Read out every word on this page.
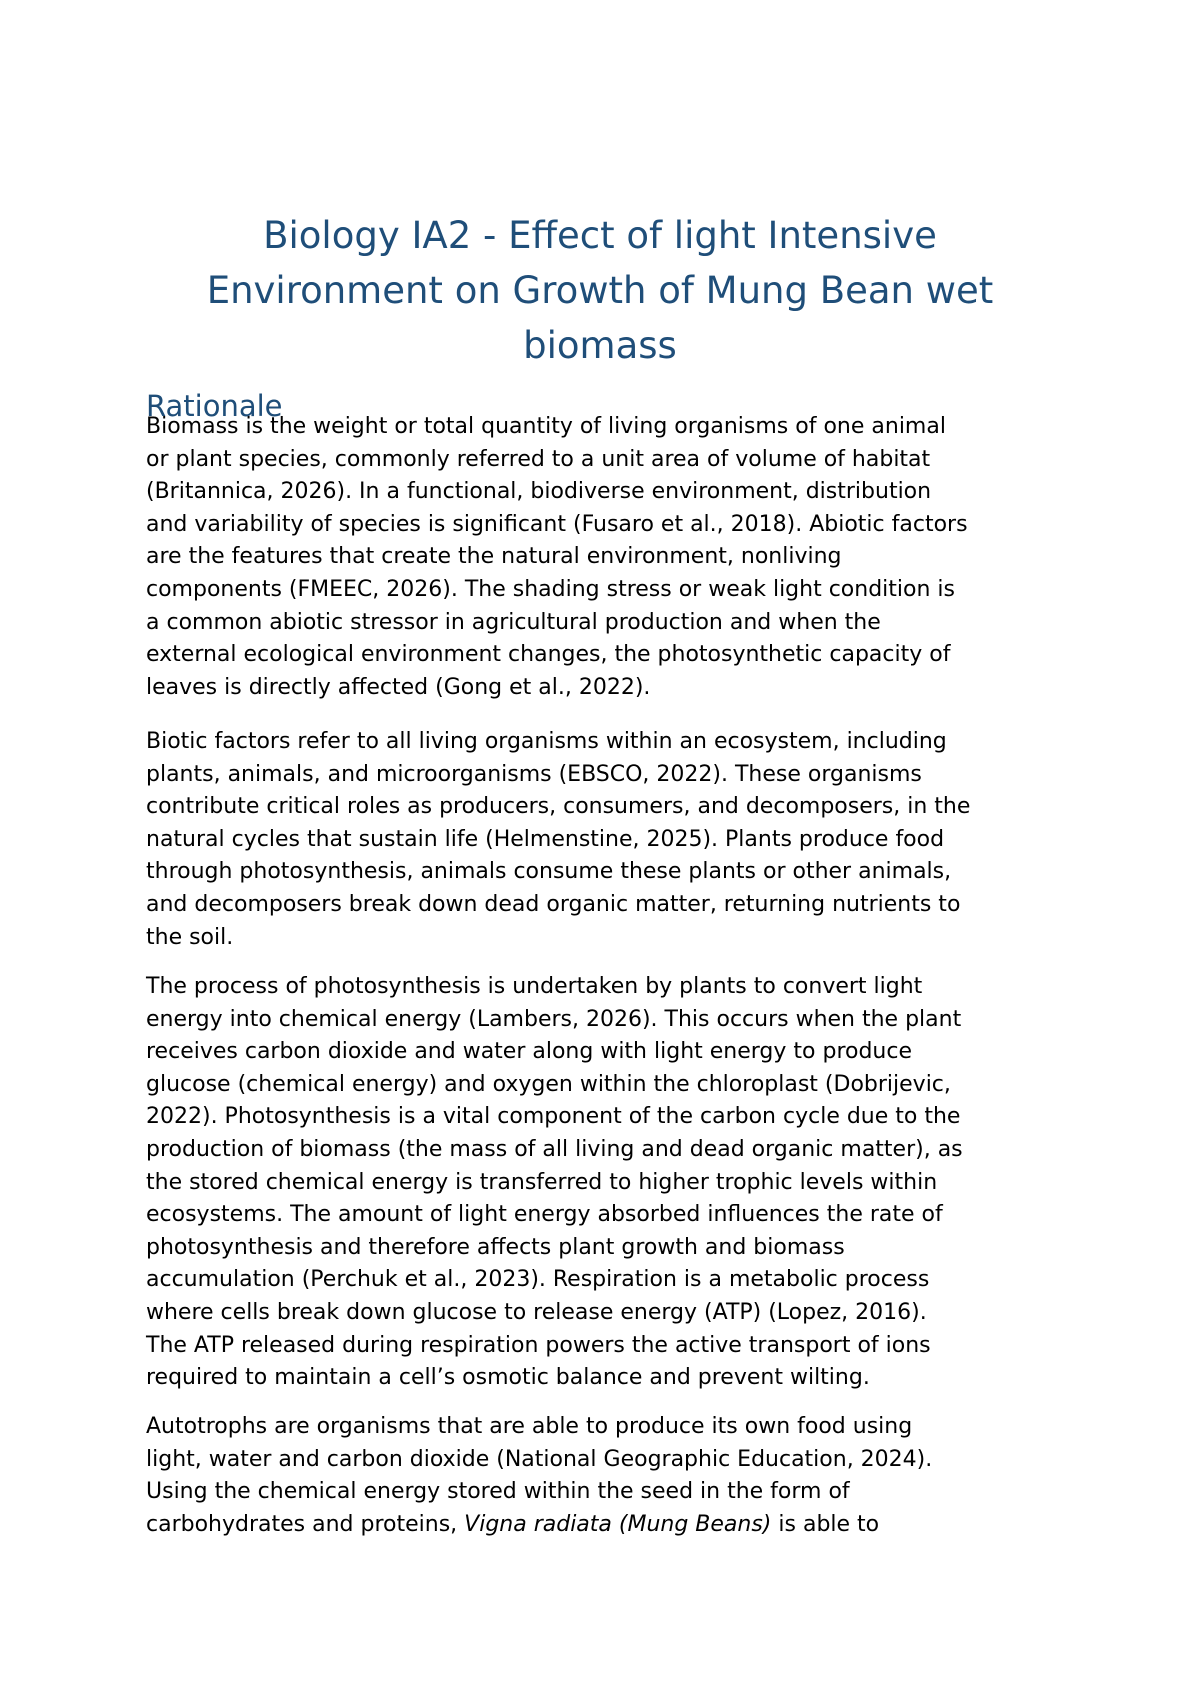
Biology IA2 - Effect of light Intensive
Environment on Growth of Mung Bean wet
biomass
Rationale

Biomass is the weight or total quantity of living organisms of one animal
or plant species, commonly referred to a unit area of volume of habitat
(Britannica, 2026). In a functional, biodiverse environment, distribution
and variability of species is significant (Fusaro et al., 2018). Abiotic factors
are the features that create the natural environment, nonliving
components (FMEEC, 2026). The shading stress or weak light condition is
a common abiotic stressor in agricultural production and when the
external ecological environment changes, the photosynthetic capacity of
leaves is directly affected (Gong et al., 2022).

Biotic factors refer to all living organisms within an ecosystem, including
plants, animals, and microorganisms (EBSCO, 2022). These organisms
contribute critical roles as producers, consumers, and decomposers, in the
natural cycles that sustain life (Helmenstine, 2025). Plants produce food
through photosynthesis, animals consume these plants or other animals,
and decomposers break down dead organic matter, returning nutrients to
the soil.

The process of photosynthesis is undertaken by plants to convert light
energy into chemical energy (Lambers, 2026). This occurs when the plant
receives carbon dioxide and water along with light energy to produce
glucose (chemical energy) and oxygen within the chloroplast (Dobrijevic,
2022). Photosynthesis is a vital component of the carbon cycle due to the
production of biomass (the mass of all living and dead organic matter), as
the stored chemical energy is transferred to higher trophic levels within
ecosystems. The amount of light energy absorbed influences the rate of
photosynthesis and therefore affects plant growth and biomass
accumulation (Perchuk et al., 2023). Respiration is a metabolic process
where cells break down glucose to release energy (ATP) (Lopez, 2016).
The ATP released during respiration powers the active transport of ions
required to maintain a cell’s osmotic balance and prevent wilting.

Autotrophs are organisms that are able to produce its own food using
light, water and carbon dioxide (National Geographic Education, 2024).
Using the chemical energy stored within the seed in the form of
carbohydrates and proteins, Vigna radiata (Mung Beans) is able to
